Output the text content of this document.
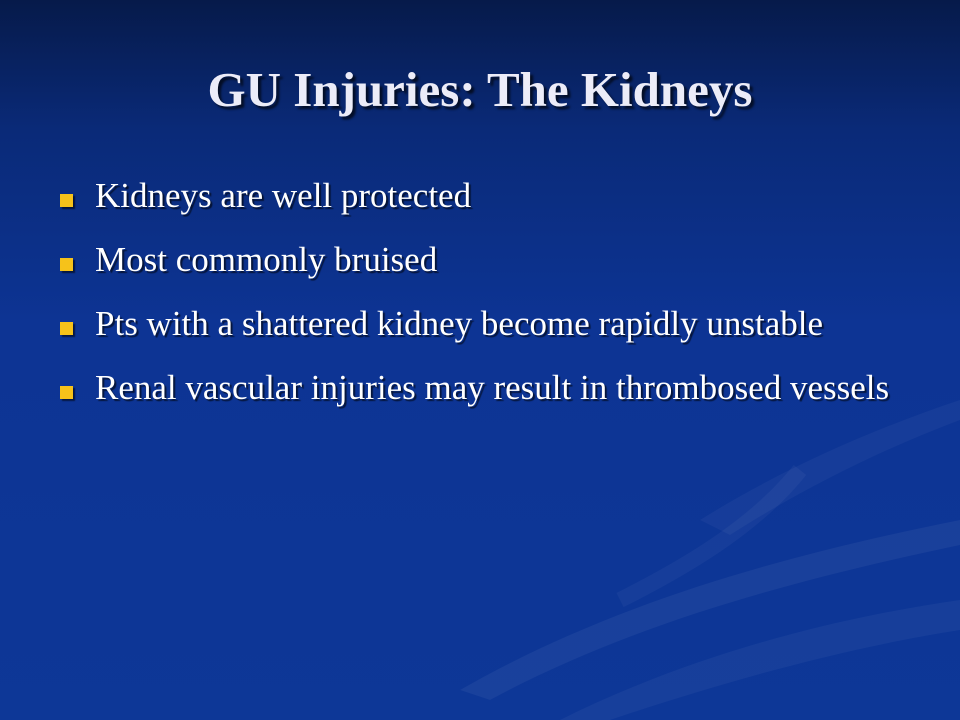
GU Injuries: The Kidneys
Kidneys are well protected
Most commonly bruised
Pts with a shattered kidney become rapidly unstable
Renal vascular injuries may result in thrombosed vessels
